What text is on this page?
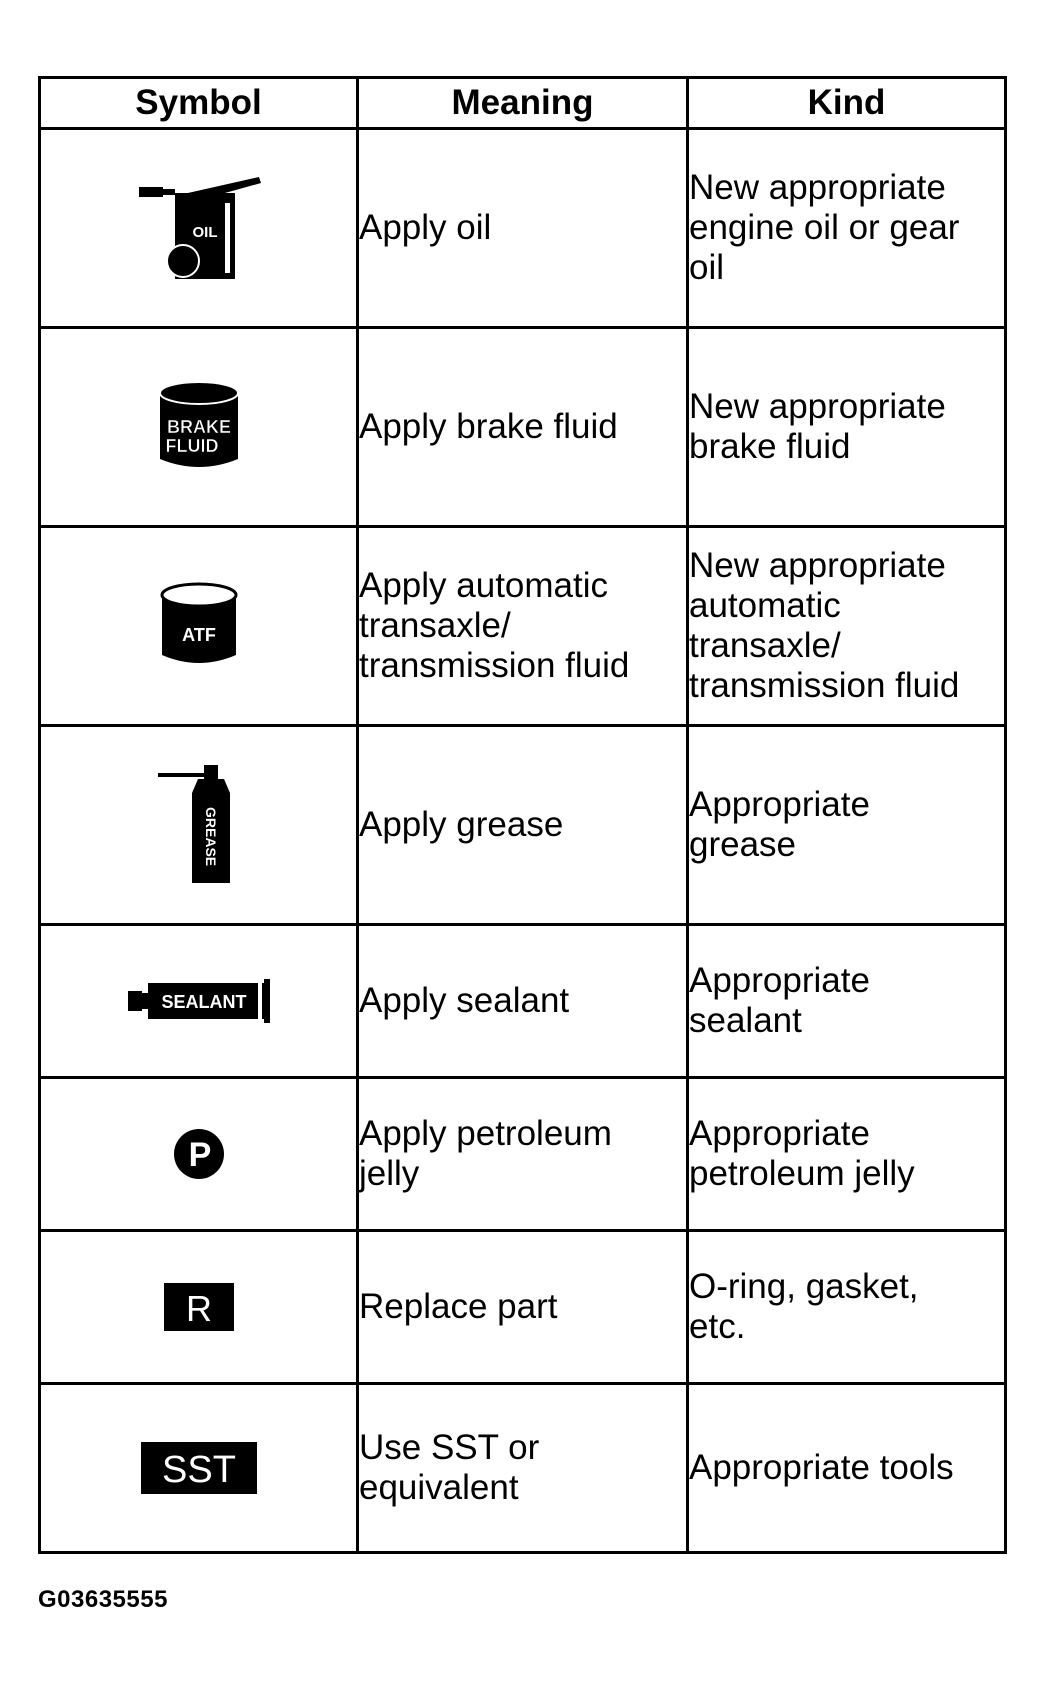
Symbol	Meaning	Kind

OIL	Apply oil	New appropriate
engine oil or gear
oil

BRAKE FLUID
BRAKE
FLUID	Apply brake fluid	New appropriate
brake fluid

ATF	Apply automatic
transaxle/
transmission fluid	New appropriate
automatic
transaxle/
transmission fluid

GREASE	Apply grease	Appropriate
grease

SEALANT	Apply sealant	Appropriate
sealant

P	Apply petroleum
jelly	Appropriate
petroleum jelly

R	Replace part	O-ring, gasket,
etc.

SST	Use SST or
equivalent	Appropriate tools
G03635555
